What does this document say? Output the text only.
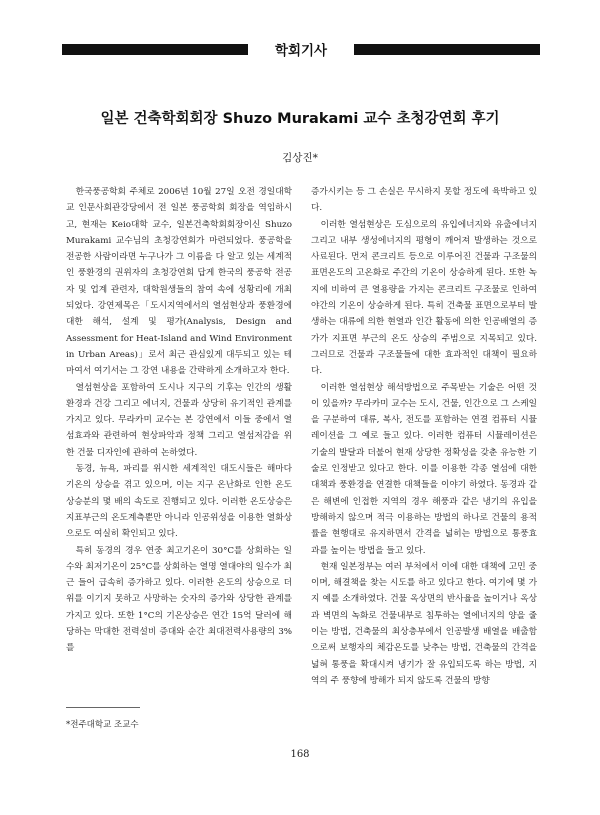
학회기사
일본 건축학회회장 Shuzo Murakami 교수 초청강연회 후기
김상진*

한국풍공학회 주체로 2006년 10월 27일 오전 경일대학교 인문사회관강당에서 전 일본 풍공학회 회장을 역임하시고, 현재는 Keio대학 교수, 일본건축학회회장이신 Shuzo Murakami 교수님의 초청강연회가 마련되었다. 풍공학을 전공한 사람이라면 누구나가 그 이름을 다 알고 있는 세계적인 풍환경의 권위자의 초청강연회 답게 한국의 풍공학 전공자 및 업계 관련자, 대학원생들의 참여 속에 성황리에 개최되었다. 강연제목은「도시지역에서의 열섬현상과 풍환경에 대한 해석, 설계 및 평가(Analysis, Design and Assessment for Heat-Island and Wind Environment in Urban Areas)」로서 최근 관심있게 대두되고 있는 테마여서 여기서는 그 강연 내용을 간략하게 소개하고자 한다.

열섬현상을 포함하여 도시나 지구의 기후는 인간의 생활환경과 건강 그리고 에너지, 건물과 상당히 유기적인 관계를 가지고 있다. 무라카미 교수는 본 강연에서 이들 중에서 열섬효과와 관련하여 현상파악과 정책 그리고 열섬저감을 위한 건물 디자인에 관하여 논하였다.

동경, 뉴욕, 파리를 위시한 세계적인 대도시들은 해마다 기온의 상승을 겪고 있으며, 이는 지구 온난화로 인한 온도상승분의 몇 배의 속도로 진행되고 있다. 이러한 온도상승은 지표부근의 온도계측뿐만 아니라 인공위성을 이용한 열화상으로도 여실히 확인되고 있다.

특히 동경의 경우 연중 최고기온이 30°C를 상회하는 일수와 최저기온이 25°C를 상회하는 열명 열대야의 일수가 최근 들어 급속히 증가하고 있다. 이러한 온도의 상승으로 더위를 이기지 못하고 사망하는 숫자의 증가와 상당한 관계를 가지고 있다. 또한 1°C의 기온상승은 연간 15억 달러에 해당하는 막대한 전력설비 증대와 순간 최대전력사용량의 3%를

증가시키는 등 그 손실은 무시하지 못할 정도에 육박하고 있다.

이러한 열섬현상은 도심으로의 유입에너지와 유출에너지 그리고 내부 생성에너지의 평형이 깨어져 발생하는 것으로 사료된다. 먼저 콘크리트 등으로 이루어진 건물과 구조물의 표면온도의 고온화로 주간의 기온이 상승하게 된다. 또한 녹지에 비하여 큰 열용량을 가지는 콘크리트 구조물로 인하여 야간의 기온이 상승하게 된다. 특히 건축물 표면으로부터 발생하는 대류에 의한 현열과 인간 활동에 의한 인공배열의 증가가 지표면 부근의 온도 상승의 주범으로 지목되고 있다. 그러므로 건물과 구조물들에 대한 효과적인 대책이 필요하다.

이러한 열섬현상 해석방법으로 주목받는 기술은 어떤 것이 있을까? 무라카미 교수는 도시, 건물, 인간으로 그 스케일을 구분하여 대류, 복사, 전도를 포함하는 연결 컴퓨터 시뮬레이션을 그 예로 들고 있다. 이러한 컴퓨터 시뮬레이션은 기술의 발달과 더불어 현재 상당한 정확성을 갖춘 유능한 기술로 인정받고 있다고 한다. 이를 이용한 각종 열섬에 대한 대책과 풍환경을 연결한 대책들을 이야기 하였다. 동경과 같은 해변에 인접한 지역의 경우 해풍과 같은 냉기의 유입을 방해하지 않으며 적극 이용하는 방법의 하나로 건물의 용적률을 현행대로 유지하면서 간격을 넓히는 방법으로 통풍효과를 높이는 방법을 들고 있다.

현재 일본정부는 여러 부처에서 이에 대한 대책에 고민 중이며, 해결책을 찾는 시도를 하고 있다고 한다. 여기에 몇 가지 예를 소개하였다. 건물 옥상면의 반사율을 높이거나 옥상과 벽면의 녹화로 건물내부로 침투하는 열에너지의 양을 줄이는 방법, 건축물의 최상층부에서 인공발생 배열을 배출함으로써 보행자의 체감온도를 낮추는 방법, 건축물의 간격을 넓혀 통풍을 확대시켜 냉기가 잘 유입되도록 하는 방법, 지역의 주 풍향에 방해가 되지 않도록 건물의 방향

*전주대학교 조교수
168
